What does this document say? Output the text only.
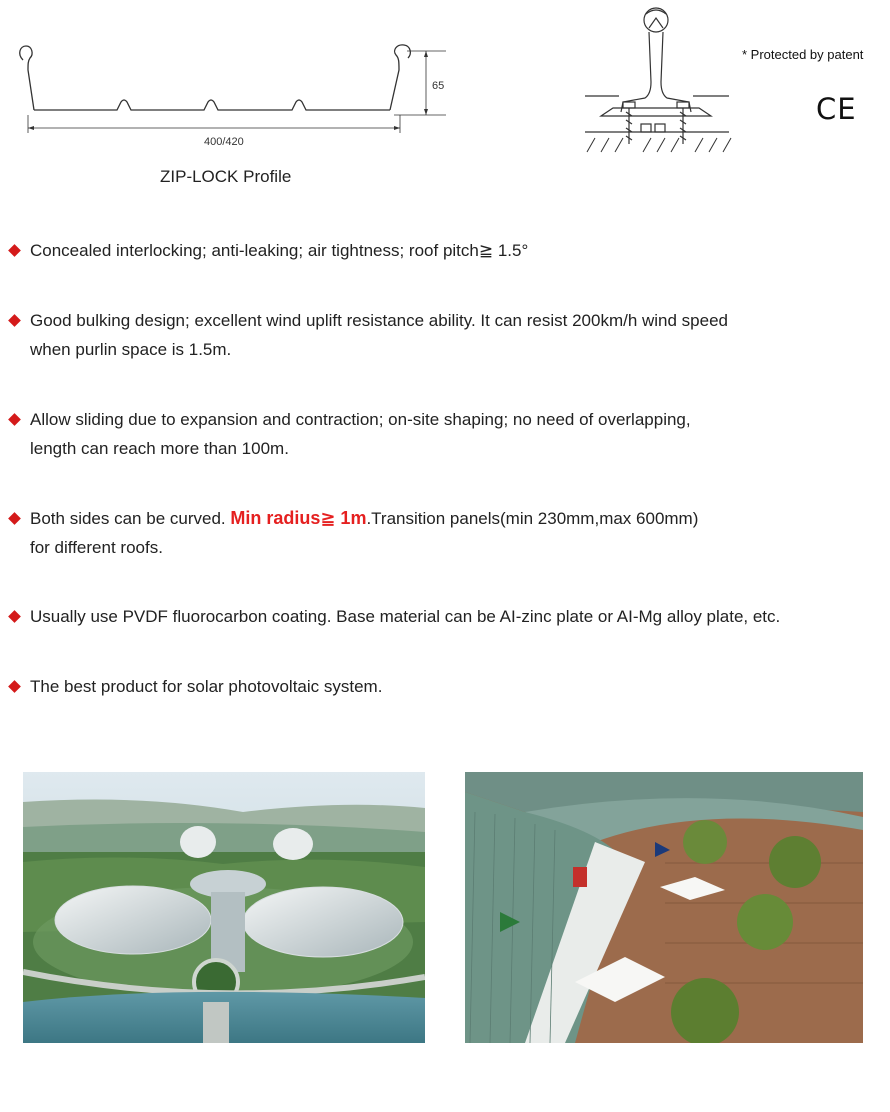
65
400/420
ZIP-LOCK Profile
* Protected by patent
CE
Concealed interlocking; anti-leaking; air tightness; roof pitch≧ 1.5°
Good bulking design; excellent wind uplift resistance ability. It can resist 200km/h wind speed
when purlin space is 1.5m.
Allow sliding due to expansion and contraction; on-site shaping; no need of overlapping,
length can reach more than 100m.
Both sides can be curved. Min radius≧ 1m.Transition panels(min 230mm,max 600mm)
for different roofs.
Usually use PVDF fluorocarbon coating. Base material can be AI-zinc plate or AI-Mg alloy plate, etc.
The best product for solar photovoltaic system.
